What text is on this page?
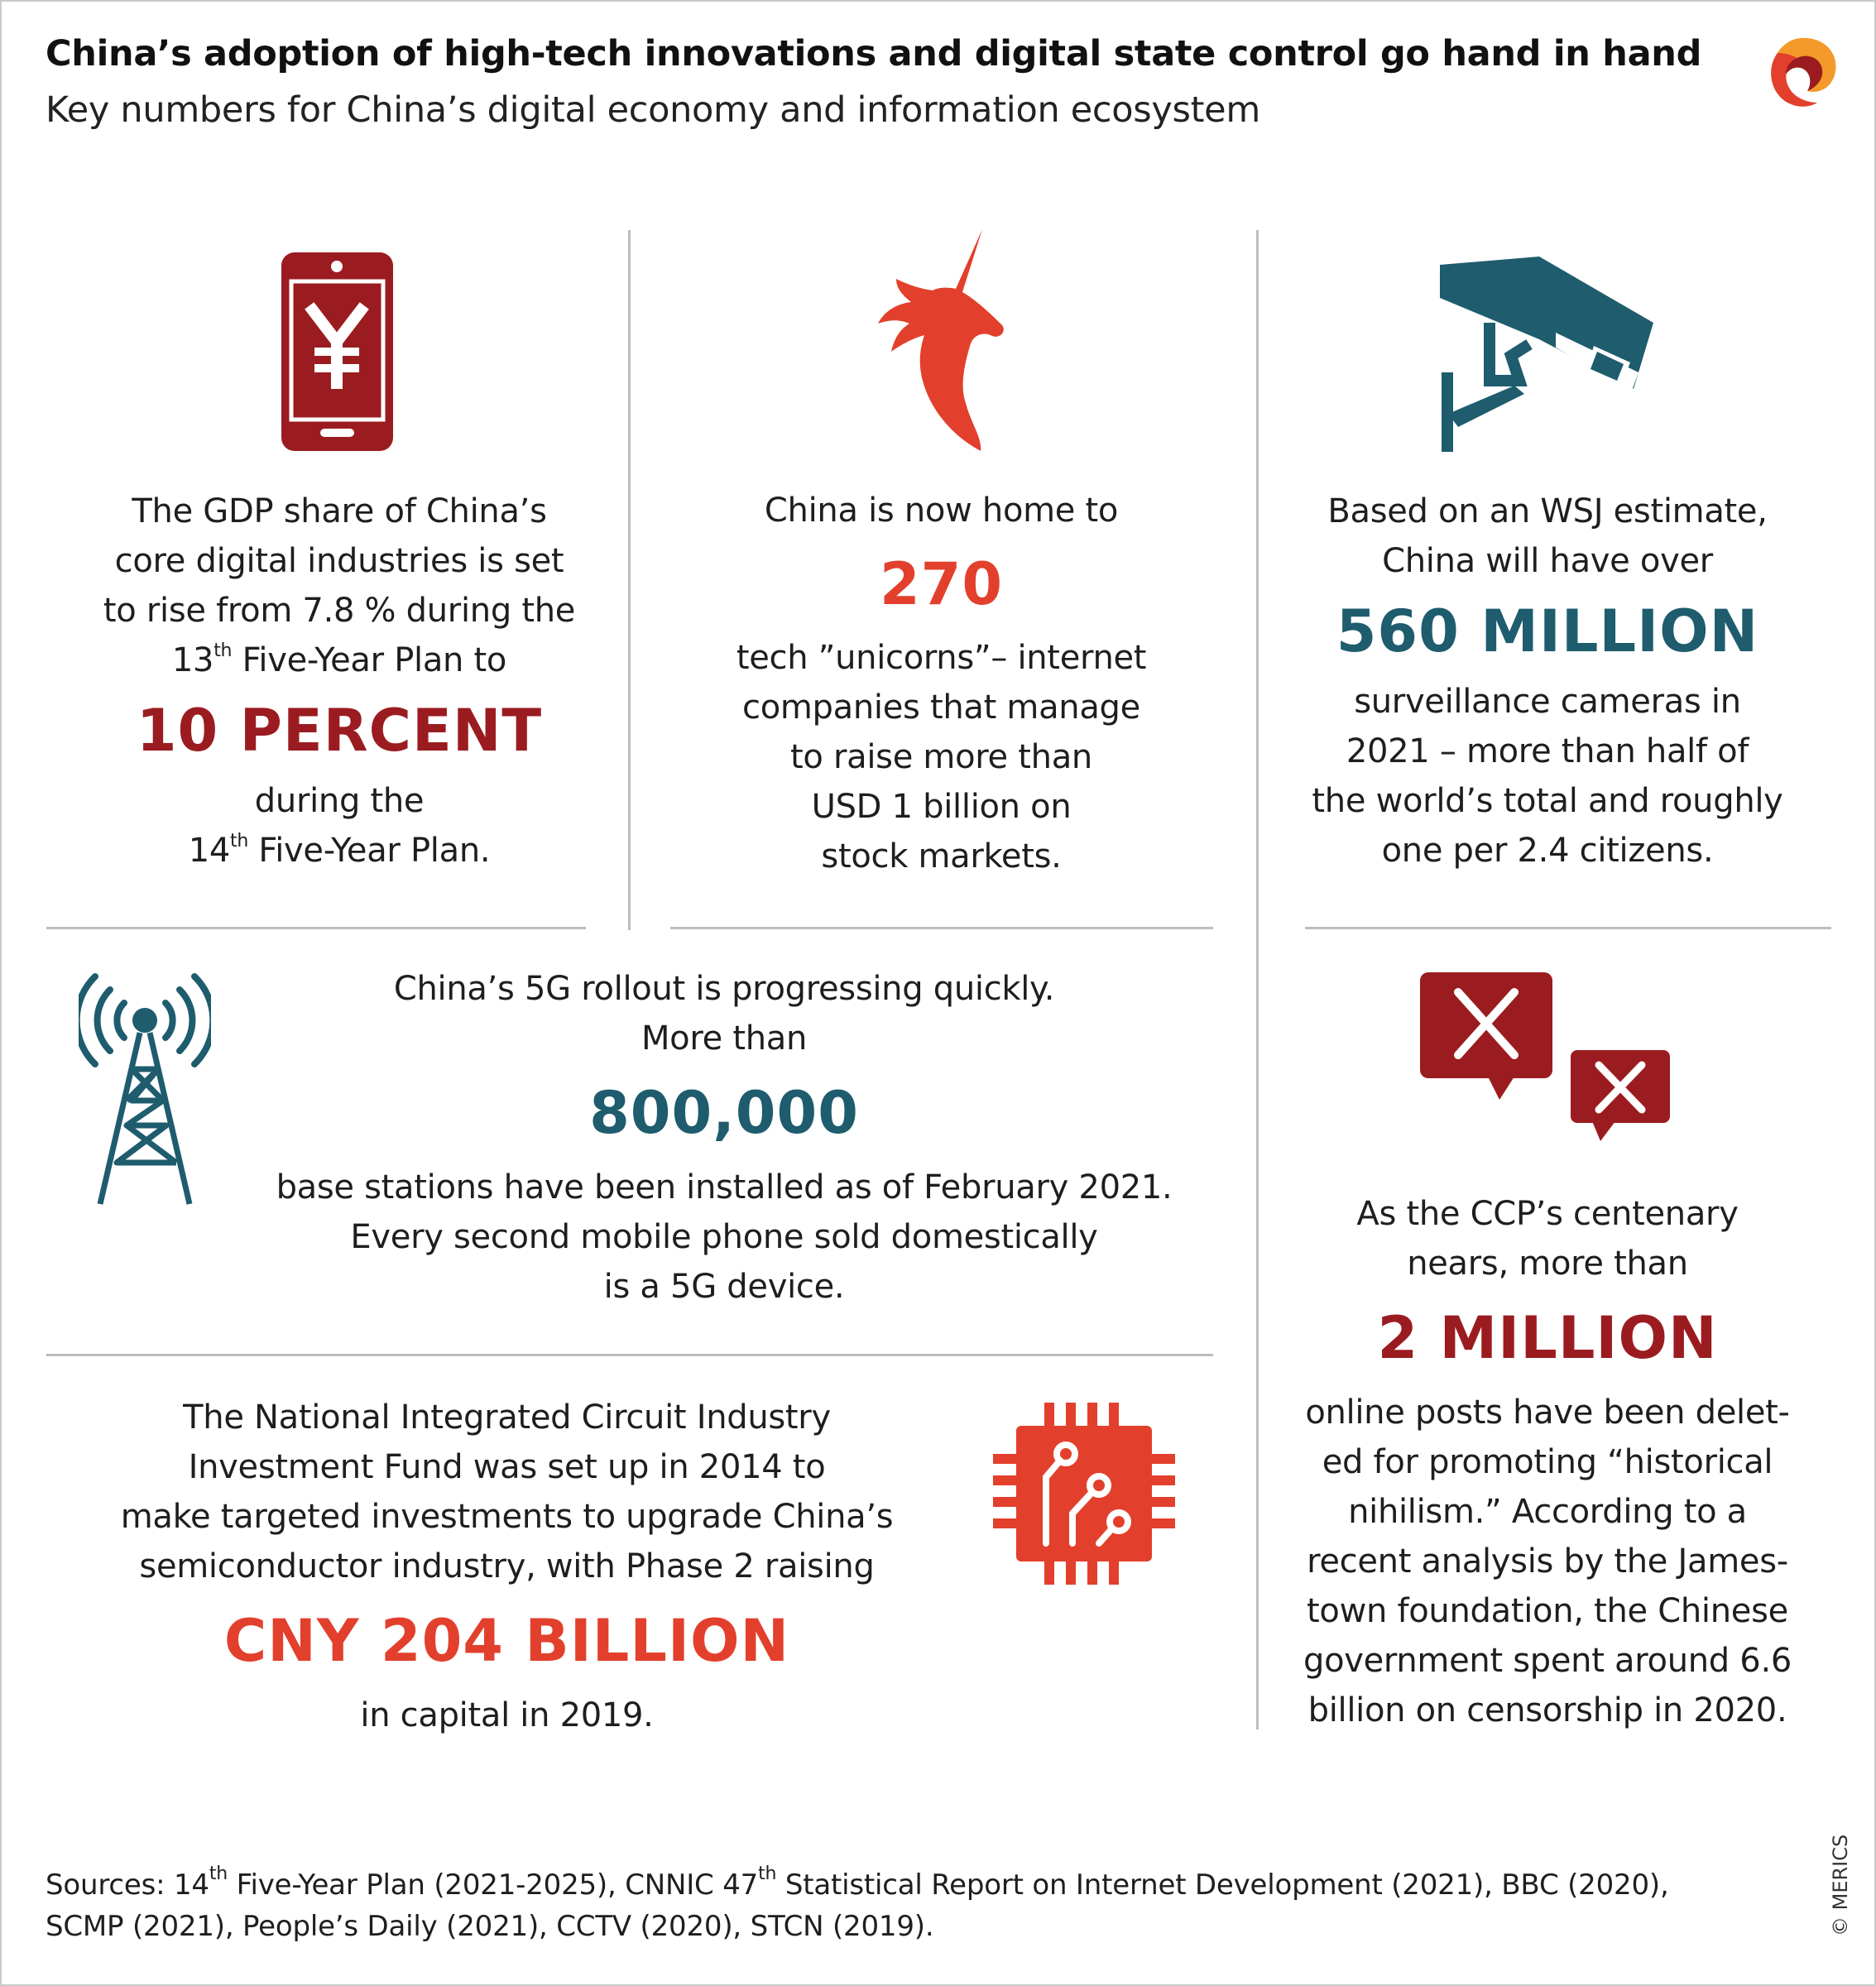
China’s adoption of high-tech innovations and digital state control go hand in hand
Key numbers for China’s digital economy and information ecosystem
The GDP share of China’s
core digital industries is set
to rise from 7.8 % during the
13th Five-Year Plan to
10 PERCENT
during the
14th Five-Year Plan.
China is now home to
270
tech ”unicorns”– internet
companies that manage
to raise more than
USD 1 billion on
stock markets.
Based on an WSJ estimate,
China will have over
560 MILLION
surveillance cameras in
2021 – more than half of
the world’s total and roughly
one per 2.4 citizens.
China’s 5G rollout is progressing quickly.
More than
800,000
base stations have been installed as of February 2021.
Every second mobile phone sold domestically
is a 5G device.
The National Integrated Circuit Industry
Investment Fund was set up in 2014 to
make targeted investments to upgrade China’s
semiconductor industry, with Phase 2 raising
CNY 204 BILLION
in capital in 2019.
As the CCP’s centenary
nears, more than
2 MILLION
online posts have been delet-
ed for promoting “historical
nihilism.” According to a
recent analysis by the James-
town foundation, the Chinese
government spent around 6.6
billion on censorship in 2020.
Sources: 14th Five-Year Plan (2021-2025), CNNIC 47th Statistical Report on Internet Development (2021), BBC (2020),
SCMP (2021), People’s Daily (2021), CCTV (2020), STCN (2019).	© MERICS
